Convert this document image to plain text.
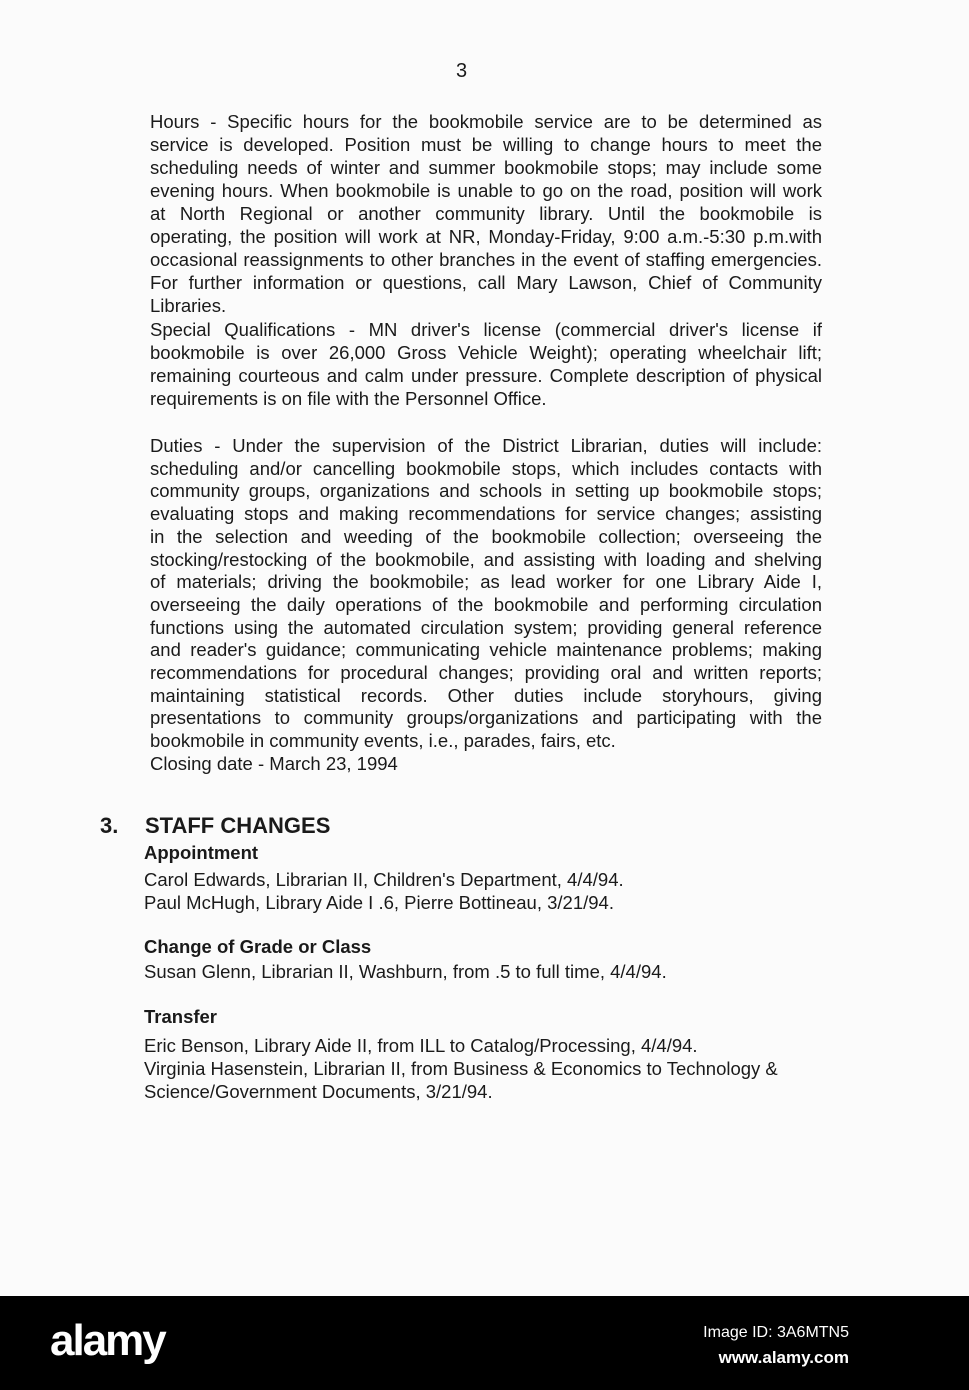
3
Hours - Specific hours for the bookmobile service are to be determined as
service is developed. Position must be willing to change hours to meet the
scheduling needs of winter and summer bookmobile stops; may include some
evening hours. When bookmobile is unable to go on the road, position will work
at North Regional or another community library. Until the bookmobile is
operating, the position will work at NR, Monday-Friday, 9:00 a.m.-5:30 p.m.with
occasional reassignments to other branches in the event of staffing emergencies.
For further information or questions, call Mary Lawson, Chief of Community
Libraries.
Special Qualifications - MN driver's license (commercial driver's license if
bookmobile is over 26,000 Gross Vehicle Weight); operating wheelchair lift;
remaining courteous and calm under pressure. Complete description of physical
requirements is on file with the Personnel Office.
Duties - Under the supervision of the District Librarian, duties will include:
scheduling and/or cancelling bookmobile stops, which includes contacts with
community groups, organizations and schools in setting up bookmobile stops;
evaluating stops and making recommendations for service changes; assisting
in the selection and weeding of the bookmobile collection; overseeing the
stocking/restocking of the bookmobile, and assisting with loading and shelving
of materials; driving the bookmobile; as lead worker for one Library Aide I,
overseeing the daily operations of the bookmobile and performing circulation
functions using the automated circulation system; providing general reference
and reader's guidance; communicating vehicle maintenance problems; making
recommendations for procedural changes; providing oral and written reports;
maintaining statistical records. Other duties include storyhours, giving
presentations to community groups/organizations and participating with the
bookmobile in community events, i.e., parades, fairs, etc.
Closing date - March 23, 1994
3. STAFF CHANGES
Appointment
Carol Edwards, Librarian II, Children's Department, 4/4/94.
Paul McHugh, Library Aide I .6, Pierre Bottineau, 3/21/94.
Change of Grade or Class
Susan Glenn, Librarian II, Washburn, from .5 to full time, 4/4/94.
Transfer
Eric Benson, Library Aide II, from ILL to Catalog/Processing, 4/4/94.
Virginia Hasenstein, Librarian II, from Business & Economics to Technology &
Science/Government Documents, 3/21/94.
alamy	Image ID: 3A6MTN5
www.alamy.com
